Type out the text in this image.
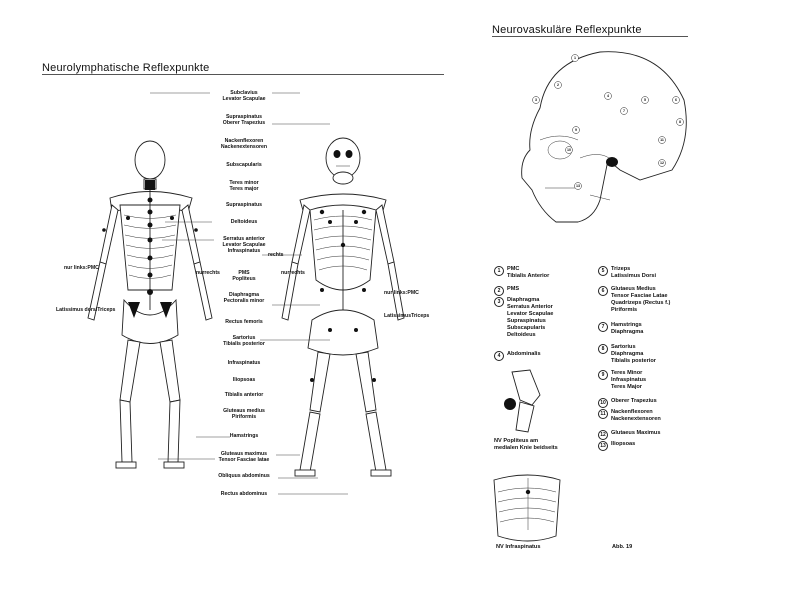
Neurolymphatische Reflexpunkte
Subclavius
Levator Scapulae
Supraspinatus
Oberer Trapezius
Nackenflexoren
Nackenextensoren
Subscapularis
Teres minor
Teres major
Supraspinatus
Deltoideus
Serratus anterior
Levator Scapulae
Infraspinatus
PMS
Popliteus
Diaphragma
Pectoralis minor
Rectus femoris
Sartorius
Tibialis posterior
Infraspinatus
Iliopsoas
Tibialis anterior
Gluteaus medius
Piriformis
Hamstrings
Gluteaus maximus
Tensor Fasciae latae
Obliquus abdominus
Rectus abdominus
nur links:PMC
Latissimus dorsiTriceps
nurrechts
rechts
nurrechts
nur links:PMC
LatissimusTriceps
Neurovaskuläre Reflexpunkte
1
2
3
4
5	6
7
8
9
10
11
12
13
1	PMC
Tibialis Anterior
2	PMS
3	Diaphragma
Serratus Anterior
Levator Scapulae
Supraspinatus
Subscapularis
Deltoideus
4	Abdominalis
5	Trizeps
Latissimus Dorsi
6	Glutaeus Medius
Tensor Fasciae Latae
Quadrizeps (Rectus f.)
Piriformis
7	Hamstrings
Diaphragma
8	Sartorius
Diaphragma
Tibialis posterior
9	Teres Minor
Infraspinatus
Teres Major
10 Oberer Trapezius
11 Nackenflexoren
Nackenextensoren
12 Glutaeus Maximus
13 Iliopsoas
NV Popliteus am
medialen Knie beidseits
NV Infraspinatus	Abb. 19
